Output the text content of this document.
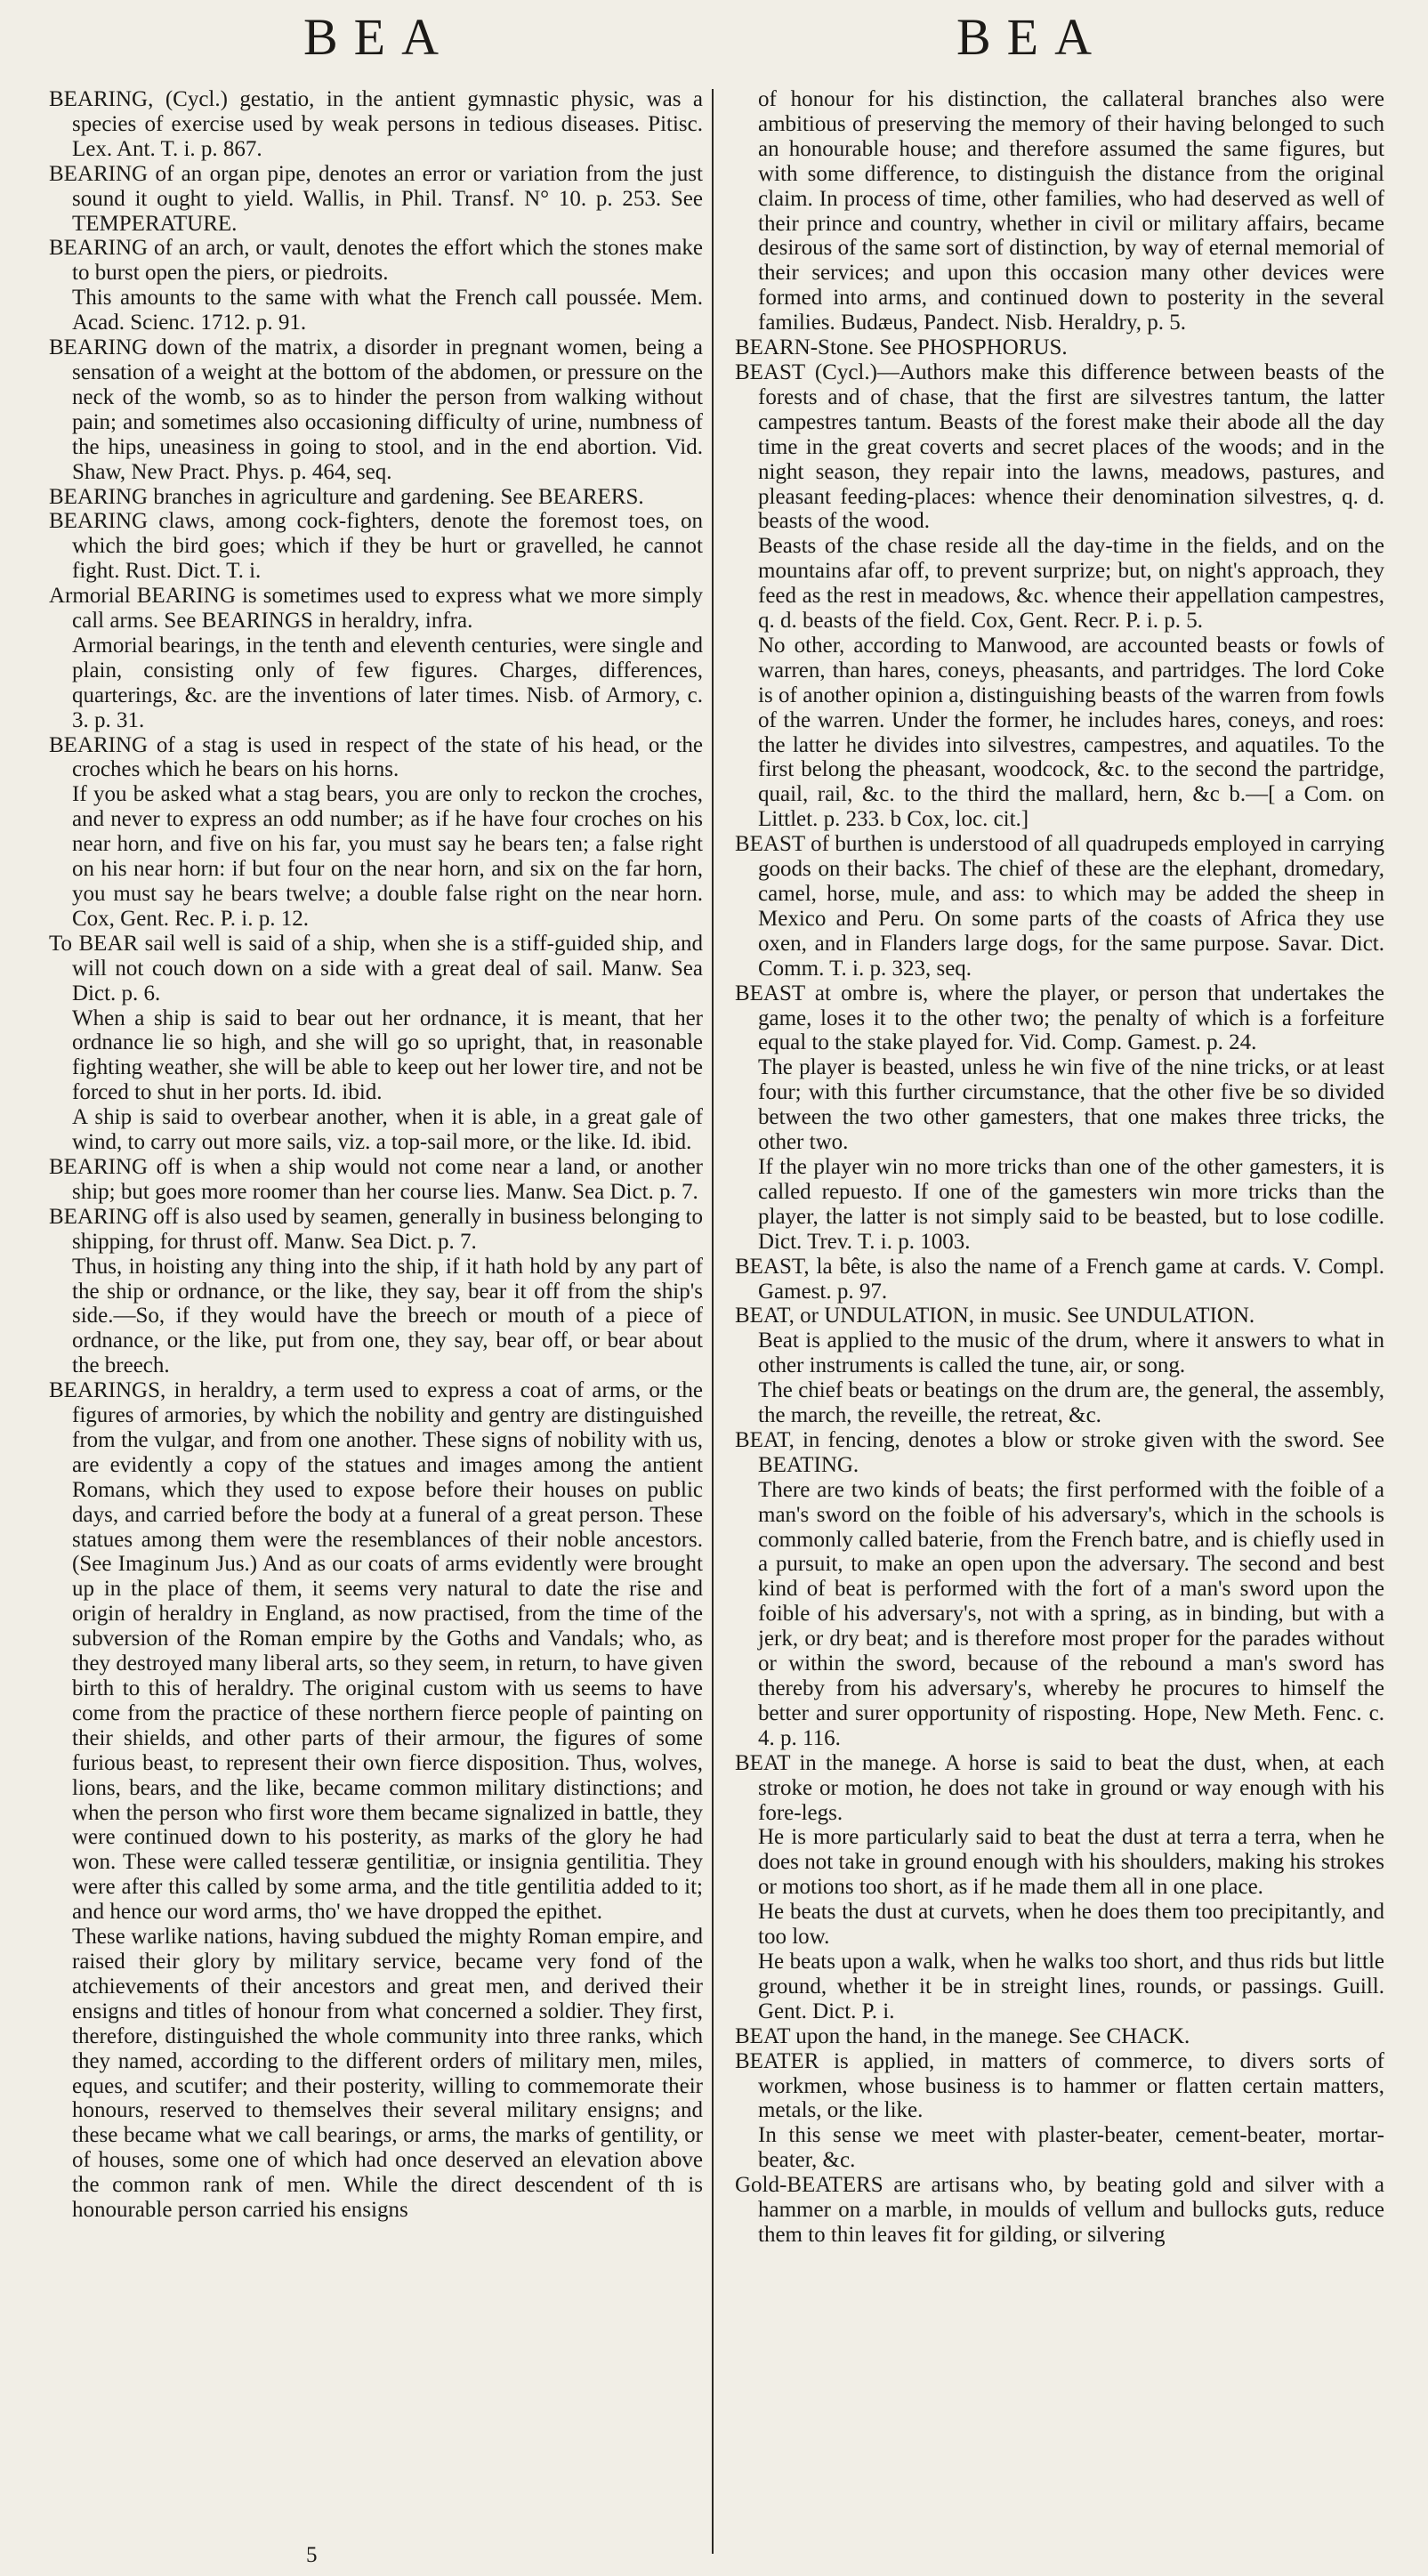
BEA	BEA

BEARING, (Cycl.) gestatio, in the antient gymnastic physic, was a species of exercise used by weak persons in tedious diseases. Pitisc. Lex. Ant. T. i. p. 867.

BEARING of an organ pipe, denotes an error or variation from the just sound it ought to yield. Wallis, in Phil. Transf. N° 10. p. 253. See TEMPERATURE.

BEARING of an arch, or vault, denotes the effort which the stones make to burst open the piers, or piedroits.

This amounts to the same with what the French call poussée. Mem. Acad. Scienc. 1712. p. 91.

BEARING down of the matrix, a disorder in pregnant women, being a sensation of a weight at the bottom of the abdomen, or pressure on the neck of the womb, so as to hinder the person from walking without pain; and sometimes also occasioning difficulty of urine, numbness of the hips, uneasiness in going to stool, and in the end abortion. Vid. Shaw, New Pract. Phys. p. 464, seq.

BEARING branches in agriculture and gardening. See BEARERS.

BEARING claws, among cock-fighters, denote the foremost toes, on which the bird goes; which if they be hurt or gravelled, he cannot fight. Rust. Dict. T. i.

Armorial BEARING is sometimes used to express what we more simply call arms. See BEARINGS in heraldry, infra.

Armorial bearings, in the tenth and eleventh centuries, were single and plain, consisting only of few figures. Charges, differences, quarterings, &c. are the inventions of later times. Nisb. of Armory, c. 3. p. 31.

BEARING of a stag is used in respect of the state of his head, or the croches which he bears on his horns.

If you be asked what a stag bears, you are only to reckon the croches, and never to express an odd number; as if he have four croches on his near horn, and five on his far, you must say he bears ten; a false right on his near horn: if but four on the near horn, and six on the far horn, you must say he bears twelve; a double false right on the near horn. Cox, Gent. Rec. P. i. p. 12.

To BEAR sail well is said of a ship, when she is a stiff-guided ship, and will not couch down on a side with a great deal of sail. Manw. Sea Dict. p. 6.

When a ship is said to bear out her ordnance, it is meant, that her ordnance lie so high, and she will go so upright, that, in reasonable fighting weather, she will be able to keep out her lower tire, and not be forced to shut in her ports. Id. ibid.

A ship is said to overbear another, when it is able, in a great gale of wind, to carry out more sails, viz. a top-sail more, or the like. Id. ibid.

BEARING off is when a ship would not come near a land, or another ship; but goes more roomer than her course lies. Manw. Sea Dict. p. 7.

BEARING off is also used by seamen, generally in business belonging to shipping, for thrust off. Manw. Sea Dict. p. 7.

Thus, in hoisting any thing into the ship, if it hath hold by any part of the ship or ordnance, or the like, they say, bear it off from the ship's side.—So, if they would have the breech or mouth of a piece of ordnance, or the like, put from one, they say, bear off, or bear about the breech.

BEARINGS, in heraldry, a term used to express a coat of arms, or the figures of armories, by which the nobility and gentry are distinguished from the vulgar, and from one another. These signs of nobility with us, are evidently a copy of the statues and images among the antient Romans, which they used to expose before their houses on public days, and carried before the body at a funeral of a great person. These statues among them were the resemblances of their noble ancestors. (See Imaginum Jus.) And as our coats of arms evidently were brought up in the place of them, it seems very natural to date the rise and origin of heraldry in England, as now practised, from the time of the subversion of the Roman empire by the Goths and Vandals; who, as they destroyed many liberal arts, so they seem, in return, to have given birth to this of heraldry. The original custom with us seems to have come from the practice of these northern fierce people of painting on their shields, and other parts of their armour, the figures of some furious beast, to represent their own fierce disposition. Thus, wolves, lions, bears, and the like, became common military distinctions; and when the person who first wore them became signalized in battle, they were continued down to his posterity, as marks of the glory he had won. These were called tesseræ gentilitiæ, or insignia gentilitia. They were after this called by some arma, and the title gentilitia added to it; and hence our word arms, tho' we have dropped the epithet.

These warlike nations, having subdued the mighty Roman empire, and raised their glory by military service, became very fond of the atchievements of their ancestors and great men, and derived their ensigns and titles of honour from what concerned a soldier. They first, therefore, distinguished the whole community into three ranks, which they named, according to the different orders of military men, miles, eques, and scutifer; and their posterity, willing to commemorate their honours, reserved to themselves their several military ensigns; and these became what we call bearings, or arms, the marks of gentility, or of houses, some one of which had once deserved an elevation above the common rank of men. While the direct descendent of th is honourable person carried his ensigns

of honour for his distinction, the callateral branches also were ambitious of preserving the memory of their having belonged to such an honourable house; and therefore assumed the same figures, but with some difference, to distinguish the distance from the original claim. In process of time, other families, who had deserved as well of their prince and country, whether in civil or military affairs, became desirous of the same sort of distinction, by way of eternal memorial of their services; and upon this occasion many other devices were formed into arms, and continued down to posterity in the several families. Budæus, Pandect. Nisb. Heraldry, p. 5.

BEARN-Stone. See PHOSPHORUS.

BEAST (Cycl.)—Authors make this difference between beasts of the forests and of chase, that the first are silvestres tantum, the latter campestres tantum. Beasts of the forest make their abode all the day time in the great coverts and secret places of the woods; and in the night season, they repair into the lawns, meadows, pastures, and pleasant feeding-places: whence their denomination silvestres, q. d. beasts of the wood.

Beasts of the chase reside all the day-time in the fields, and on the mountains afar off, to prevent surprize; but, on night's approach, they feed as the rest in meadows, &c. whence their appellation campestres, q. d. beasts of the field. Cox, Gent. Recr. P. i. p. 5.

No other, according to Manwood, are accounted beasts or fowls of warren, than hares, coneys, pheasants, and partridges. The lord Coke is of another opinion a, distinguishing beasts of the warren from fowls of the warren. Under the former, he includes hares, coneys, and roes: the latter he divides into silvestres, campestres, and aquatiles. To the first belong the pheasant, woodcock, &c. to the second the partridge, quail, rail, &c. to the third the mallard, hern, &c b.—[ a Com. on Littlet. p. 233. b Cox, loc. cit.]

BEAST of burthen is understood of all quadrupeds employed in carrying goods on their backs. The chief of these are the elephant, dromedary, camel, horse, mule, and ass: to which may be added the sheep in Mexico and Peru. On some parts of the coasts of Africa they use oxen, and in Flanders large dogs, for the same purpose. Savar. Dict. Comm. T. i. p. 323, seq.

BEAST at ombre is, where the player, or person that undertakes the game, loses it to the other two; the penalty of which is a forfeiture equal to the stake played for. Vid. Comp. Gamest. p. 24.

The player is beasted, unless he win five of the nine tricks, or at least four; with this further circumstance, that the other five be so divided between the two other gamesters, that one makes three tricks, the other two.

If the player win no more tricks than one of the other gamesters, it is called repuesto. If one of the gamesters win more tricks than the player, the latter is not simply said to be beasted, but to lose codille. Dict. Trev. T. i. p. 1003.

BEAST, la bête, is also the name of a French game at cards. V. Compl. Gamest. p. 97.

BEAT, or UNDULATION, in music. See UNDULATION.

Beat is applied to the music of the drum, where it answers to what in other instruments is called the tune, air, or song.

The chief beats or beatings on the drum are, the general, the assembly, the march, the reveille, the retreat, &c.

BEAT, in fencing, denotes a blow or stroke given with the sword. See BEATING.

There are two kinds of beats; the first performed with the foible of a man's sword on the foible of his adversary's, which in the schools is commonly called baterie, from the French batre, and is chiefly used in a pursuit, to make an open upon the adversary. The second and best kind of beat is performed with the fort of a man's sword upon the foible of his adversary's, not with a spring, as in binding, but with a jerk, or dry beat; and is therefore most proper for the parades without or within the sword, because of the rebound a man's sword has thereby from his adversary's, whereby he procures to himself the better and surer opportunity of risposting. Hope, New Meth. Fenc. c. 4. p. 116.

BEAT in the manege. A horse is said to beat the dust, when, at each stroke or motion, he does not take in ground or way enough with his fore-legs.

He is more particularly said to beat the dust at terra a terra, when he does not take in ground enough with his shoulders, making his strokes or motions too short, as if he made them all in one place.

He beats the dust at curvets, when he does them too precipitantly, and too low.

He beats upon a walk, when he walks too short, and thus rids but little ground, whether it be in streight lines, rounds, or passings. Guill. Gent. Dict. P. i.

BEAT upon the hand, in the manege. See CHACK.

BEATER is applied, in matters of commerce, to divers sorts of workmen, whose business is to hammer or flatten certain matters, metals, or the like.

In this sense we meet with plaster-beater, cement-beater, mortar-beater, &c.

Gold-BEATERS are artisans who, by beating gold and silver with a hammer on a marble, in moulds of vellum and bullocks guts, reduce them to thin leaves fit for gilding, or silvering

5
